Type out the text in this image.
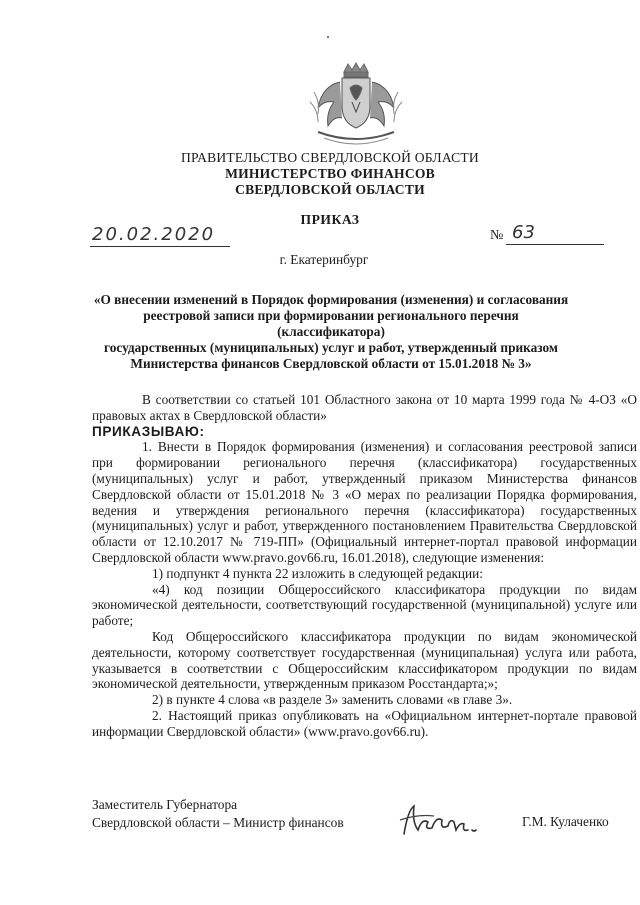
ПРАВИТЕЛЬСТВО СВЕРДЛОВСКОЙ ОБЛАСТИ
МИНИСТЕРСТВО ФИНАНСОВ
СВЕРДЛОВСКОЙ ОБЛАСТИ
ПРИКАЗ
20.02.2020	№ 63
г. Екатеринбург
«О внесении изменений в Порядок формирования (изменения) и согласования
реестровой записи при формировании регионального перечня (классификатора)
государственных (муниципальных) услуг и работ, утвержденный приказом
Министерства финансов Свердловской области от 15.01.2018 № 3»

В соответствии со статьей 101 Областного закона от 10 марта 1999 года № 4-ОЗ «О правовых актах в Свердловской области»

ПРИКАЗЫВАЮ:

1. Внести в Порядок формирования (изменения) и согласования реестровой записи при формировании регионального перечня (классификатора) государственных (муниципальных) услуг и работ, утвержденный приказом Министерства финансов Свердловской области от 15.01.2018 № 3 «О мерах по реализации Порядка формирования, ведения и утверждения регионального перечня (классификатора) государственных (муниципальных) услуг и работ, утвержденного постановлением Правительства Свердловской области от 12.10.2017 № 719-ПП» (Официальный интернет-портал правовой информации Свердловской области www.pravo.gov66.ru, 16.01.2018), следующие изменения:

1) подпункт 4 пункта 22 изложить в следующей редакции:

«4) код позиции Общероссийского классификатора продукции по видам экономической деятельности, соответствующий государственной (муниципальной) услуге или работе;

Код Общероссийского классификатора продукции по видам экономической деятельности, которому соответствует государственная (муниципальная) услуга или работа, указывается в соответствии с Общероссийским классификатором продукции по видам экономической деятельности, утвержденным приказом Росстандарта;»;

2) в пункте 4 слова «в разделе 3» заменить словами «в главе 3».

2. Настоящий приказ опубликовать на «Официальном интернет-портале правовой информации Свердловской области» (www.pravo.gov66.ru).

Заместитель Губернатора
Свердловской области – Министр финансов	Г.М. Кулаченко
